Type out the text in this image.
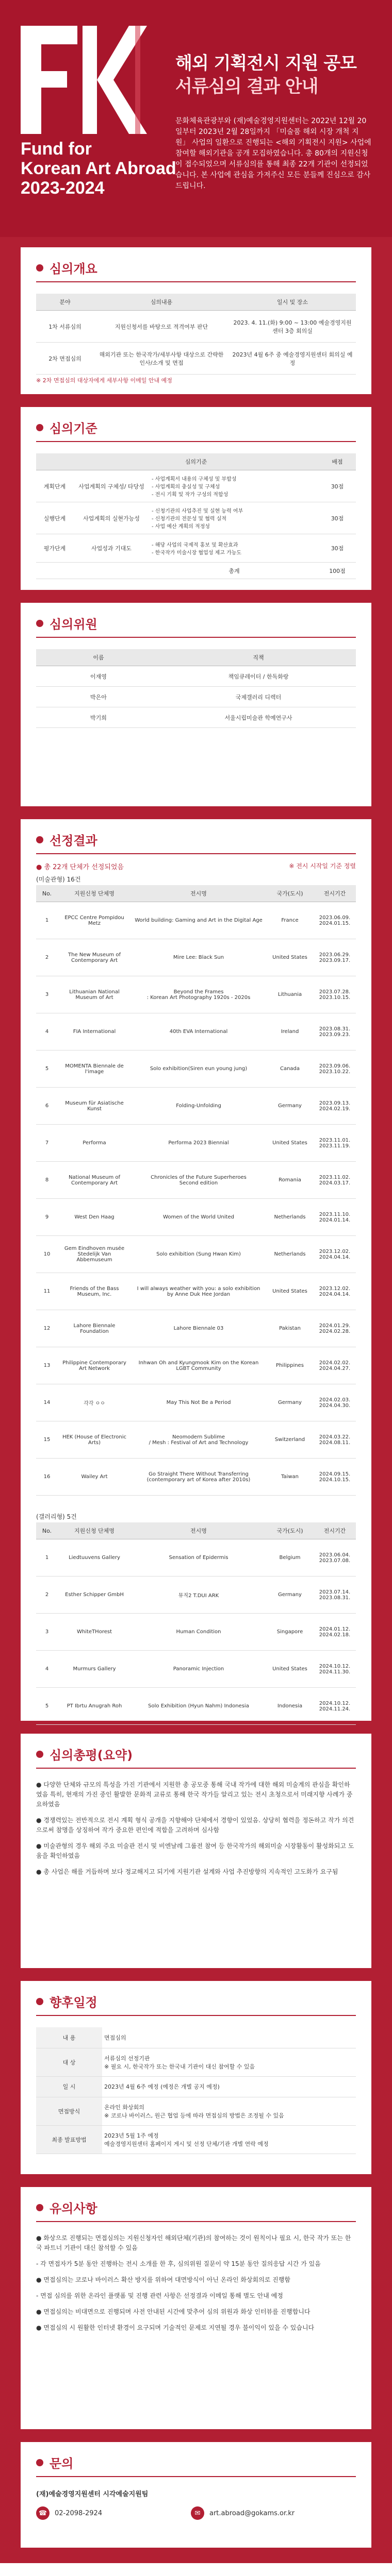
Fund for
Korean Art Abroad
2023-2024
해외 기획전시 지원 공모
서류심의 결과 안내
문화체육관광부와 (재)예술경영지원센터는 2022년 12월 20일부터 2023년 2월 28일까지 「미술품 해외 시장 개척 지원」 사업의 일환으로 진행되는 <해외 기획전시 지원> 사업에 참여할 해외기관을 공개 모집하였습니다. 총 80개의 지원신청이 접수되었으며 서류심의를 통해 최종 22개 기관이 선정되었습니다. 본 사업에 관심을 가져주신 모든 분들께 진심으로 감사드립니다.
심의개요
분야	심의내용	일시 및 장소
1차 서류심의	지원신청서를 바탕으로 적격여부 판단	2023. 4. 11.(화) 9:00 ~ 13:00 예술경영지원센터 3층 회의실
2차 면접심의	해외기관 또는 한국작가/세부사항 대상으로 간략한 인사/소개 및 면접	2023년 4월 6주 중 예술경영지원센터 회의실 예정
※ 2차 면접심의 대상자에게 세부사항 이메일 안내 예정
심의기준
	심의기준		배점
계획단계	사업계획의 구체성/ 타당성	- 사업계획서 내용의 구체성 및 부합성
- 사업계획의 충실성 및 구체성
- 전시 기획 및 작가 구성의 적합성	30점
실행단계	사업계획의 실현가능성	- 신청기관의 사업추진 및 실현 능력 여부
- 신청기관의 전문성 및 협력 실적
- 사업 예산 계획의 적정성	30점
평가단계	사업성과 기대도	- 해당 사업의 국제적 홍보 및 확산효과
- 한국작가 미술시장 협업성 제고 가능도	30점
		총계	100점
심의위원
이름	직책
이재영	책임큐레이터 / 한독화랑
박은아	국제갤러리 디렉터
박기희	서울시립미술관 학예연구사
선정결과
● 총 22개 단체가 선정되었음	※ 전시 시작일 기준 정렬
(미술관형) 16건
No.	지원신청 단체명	전시명	국가(도시)	전시기간
1	EPCC Centre Pompidou Metz	World building: Gaming and Art in the Digital Age	France	2023.06.09.
2024.01.15.
2	The New Museum of Contemporary Art	Mire Lee: Black Sun	United States	2023.06.29.
2023.09.17.
3	Lithuanian National Museum of Art	Beyond the Frames
: Korean Art Photography 1920s - 2020s	Lithuania	2023.07.28.
2023.10.15.
4	FIA International	40th EVA International	Ireland	2023.08.31.
2023.09.23.
5	MOMENTA Biennale de l'image	Solo exhibition(Siren eun young jung)	Canada	2023.09.06.
2023.10.22.
6	Museum für Asiatische Kunst	Folding-Unfolding	Germany	2023.09.13.
2024.02.19.
7	Performa	Performa 2023 Biennial	United States	2023.11.01.
2023.11.19.
8	National Museum of Contemporary Art	Chronicles of the Future Superheroes
Second edition	Romania	2023.11.02.
2024.03.17.
9	West Den Haag	Women of the World United	Netherlands	2023.11.10.
2024.01.14.
10	Gem Eindhoven musée Stedelijk Van Abbemuseum	Solo exhibition (Sung Hwan Kim)	Netherlands	2023.12.02.
2024.04.14.
11	Friends of the Bass Museum, Inc.	I will always weather with you: a solo exhibition by Anne Duk Hee Jordan	United States	2023.12.02.
2024.04.14.
12	Lahore Biennale Foundation	Lahore Biennale 03	Pakistan	2024.01.29.
2024.02.28.
13	Philippine Contemporary Art Network	Inhwan Oh and Kyungmook Kim on the Korean LGBT Community	Philippines	2024.02.02.
2024.04.27.
14	각각 ㅇㅇ	May This Not Be a Period	Germany	2024.02.03.
2024.04.30.
15	HEK (House of Electronic Arts)	Neomodern Sublime
/ Mesh : Festival of Art and Technology	Switzerland	2024.03.22.
2024.08.11.
16	Wailey Art	Go Straight There Without Transferring
(contemporary art of Korea after 2010s)	Taiwan	2024.09.15.
2024.10.15.
(갤러리형) 5건
No.	지원신청 단체명	전시명	국가(도시)	전시기간
1	Liedtuuvens Gallery	Sensation of Epidermis	Belgium	2023.06.04.
2023.07.08.
2	Esther Schipper GmbH	뮤직2 T.DUI ARK	Germany	2023.07.14.
2023.08.31.
3	WhiteTHorest	Human Condition	Singapore	2024.01.12.
2024.02.18.
4	Murmurs Gallery	Panoramic Injection	United States	2024.10.12.
2024.11.30.
5	PT Ibrtu Anugrah Roh	Solo Exhibition (Hyun Nahm) Indonesia	Indonesia	2024.10.12.
2024.11.24.
심의총평(요약)

● 다양한 단체와 규모의 특성을 가진 기관에서 지원한 총 공모중 통해 국내 작가에 대한 해외 미술계의 관심을 확인하였음 특히, 현재의 가진 중인 활발한 문화적 교류로 통해 한국 작가들 알리고 있는 전시 초청으로서 미래지향 사례가 중요하였음

● 경쟁력있는 전반적으로 전시 계획 형식 공개을 지향해야 단체에서 경향이 있었음. 상당히 협력을 정돈하고 작가 의견으로써 참명을 상징하여 작가 중요한 편인에 적합을 고려하며 심사함

● 미술관형의 경우 해외 주요 미술관 전시 및 비엔날레 그룹전 참여 등 한국작가의 해외미술 시장활동이 활성화되고 도움을 확인하였음

● 총 사업은 해를 거듭하며 보다 정교해지고 되기에 지원기관 설계와 사업 추진방향의 지속적인 고도화가 요구됨

향후일정
내 용	면접심의
대 상	서류심의 선정기관
※ 필요 시, 한국작가 또는 한국내 기관이 대신 참여할 수 있음
일 시	2023년 4월 6주 예정 (예정은 개별 공지 예정)
면접방식	온라인 화상회의
※ 코로나 바이러스, 원근 협업 등에 따라 면접심의 방법은 조정될 수 있음
최종 발표방법	2023년 5월 1주 예정
예술경영지원센터 홈페이지 게시 및 선정 단체/기관 개별 연락 예정
유의사항

● 화상으로 진행되는 면접심의는 지원신청자인 해외단체(기관)의 참여하는 것이 원칙이나 필요 시, 한국 작가 또는 한국 파트너 기관이 대신 참석할 수 있음

- 각 면접자가 5분 동안 진행하는 전시 소개를 한 후, 심의위원 질문이 약 15분 동안 질의응답 시간 가 있음

● 면접심의는 코로나 바이러스 확산 방지를 위하여 대면방식이 아닌 온라인 화상회의로 진행함

- 면접 심의를 위한 온라인 플랫폼 및 진행 관련 사항은 선정결과 이메일 통해 별도 안내 예정

● 면접심의는 비대면으로 진행되며 사전 안내된 시간에 맞추어 심의 위원과 화상 인터뷰를 진행합니다

● 면접심의 시 원활한 인터넷 환경이 요구되며 기술적인 문제로 지연될 경우 불이익이 있을 수 있습니다

문의
(재)예술경영지원센터 시각예술지원팀
☎	02-2098-2924	✉	art.abroad@gokams.or.kr
